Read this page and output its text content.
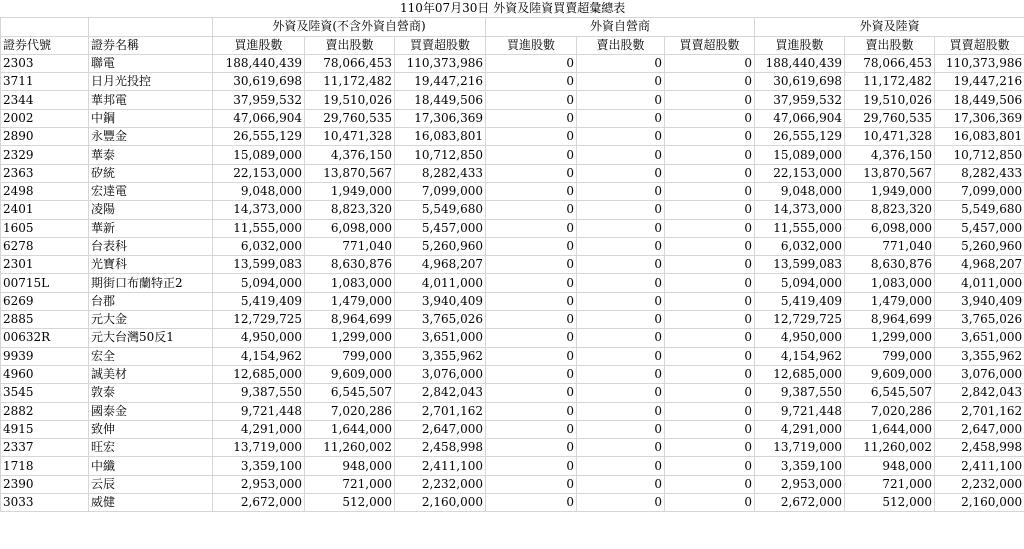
110年07月30日 外資及陸資買賣超彙總表										
		外資及陸資(不含外資自營商)			外資自營商			外資及陸資		
證券代號	證券名稱	買進股數	賣出股數	買賣超股數	買進股數	賣出股數	買賣超股數	買進股數	賣出股數	買賣超股數
2303	聯電	188,440,439	78,066,453	110,373,986	0	0	0	188,440,439	78,066,453	110,373,986
3711	日月光投控	30,619,698	11,172,482	19,447,216	0	0	0	30,619,698	11,172,482	19,447,216
2344	華邦電	37,959,532	19,510,026	18,449,506	0	0	0	37,959,532	19,510,026	18,449,506
2002	中鋼	47,066,904	29,760,535	17,306,369	0	0	0	47,066,904	29,760,535	17,306,369
2890	永豐金	26,555,129	10,471,328	16,083,801	0	0	0	26,555,129	10,471,328	16,083,801
2329	華泰	15,089,000	4,376,150	10,712,850	0	0	0	15,089,000	4,376,150	10,712,850
2363	矽統	22,153,000	13,870,567	8,282,433	0	0	0	22,153,000	13,870,567	8,282,433
2498	宏達電	9,048,000	1,949,000	7,099,000	0	0	0	9,048,000	1,949,000	7,099,000
2401	凌陽	14,373,000	8,823,320	5,549,680	0	0	0	14,373,000	8,823,320	5,549,680
1605	華新	11,555,000	6,098,000	5,457,000	0	0	0	11,555,000	6,098,000	5,457,000
6278	台表科	6,032,000	771,040	5,260,960	0	0	0	6,032,000	771,040	5,260,960
2301	光寶科	13,599,083	8,630,876	4,968,207	0	0	0	13,599,083	8,630,876	4,968,207
00715L	期街口布蘭特正2	5,094,000	1,083,000	4,011,000	0	0	0	5,094,000	1,083,000	4,011,000
6269	台郡	5,419,409	1,479,000	3,940,409	0	0	0	5,419,409	1,479,000	3,940,409
2885	元大金	12,729,725	8,964,699	3,765,026	0	0	0	12,729,725	8,964,699	3,765,026
00632R	元大台灣50反1	4,950,000	1,299,000	3,651,000	0	0	0	4,950,000	1,299,000	3,651,000
9939	宏全	4,154,962	799,000	3,355,962	0	0	0	4,154,962	799,000	3,355,962
4960	誠美材	12,685,000	9,609,000	3,076,000	0	0	0	12,685,000	9,609,000	3,076,000
3545	敦泰	9,387,550	6,545,507	2,842,043	0	0	0	9,387,550	6,545,507	2,842,043
2882	國泰金	9,721,448	7,020,286	2,701,162	0	0	0	9,721,448	7,020,286	2,701,162
4915	致伸	4,291,000	1,644,000	2,647,000	0	0	0	4,291,000	1,644,000	2,647,000
2337	旺宏	13,719,000	11,260,002	2,458,998	0	0	0	13,719,000	11,260,002	2,458,998
1718	中纖	3,359,100	948,000	2,411,100	0	0	0	3,359,100	948,000	2,411,100
2390	云辰	2,953,000	721,000	2,232,000	0	0	0	2,953,000	721,000	2,232,000
3033	威健	2,672,000	512,000	2,160,000	0	0	0	2,672,000	512,000	2,160,000
